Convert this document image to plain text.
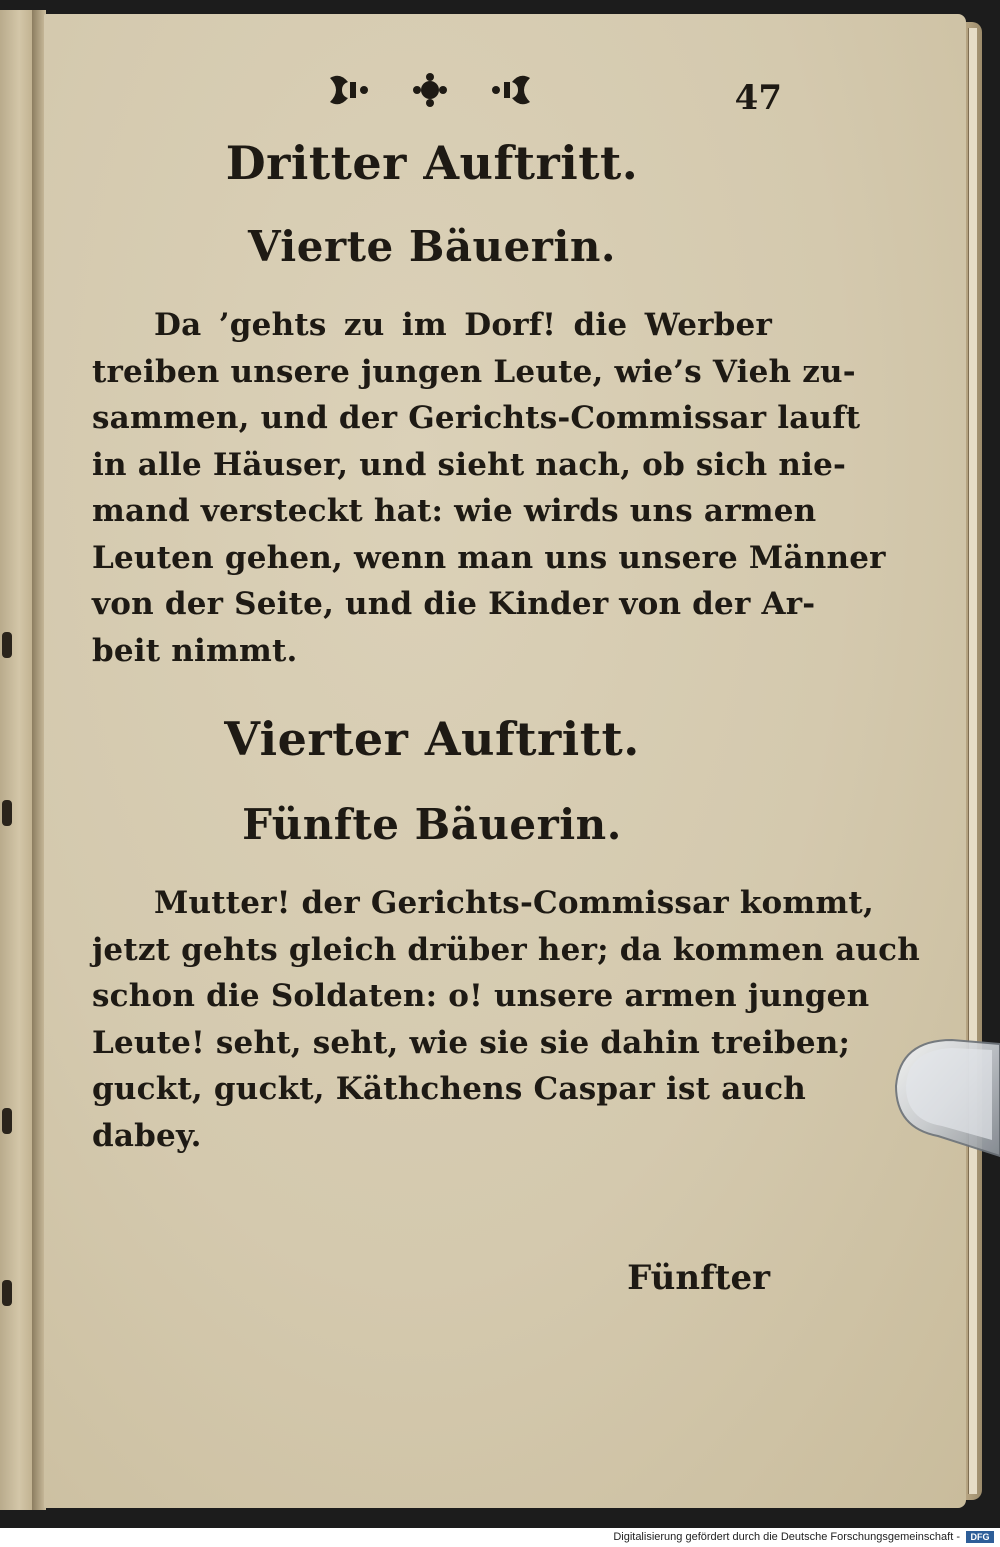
47
Dritter Auftritt.
Vierte Bäuerin.
Da ’gehts zu im Dorf! die Werber
treiben unsere jungen Leute, wie’s Vieh zu-
sammen, und der Gerichts-Commissar lauft
in alle Häuser, und sieht nach, ob sich nie-
mand versteckt hat: wie wirds uns armen
Leuten gehen, wenn man uns unsere Männer
von der Seite, und die Kinder von der Ar-
beit nimmt.
Vierter Auftritt.
Fünfte Bäuerin.
Mutter! der Gerichts-Commissar kommt,
jetzt gehts gleich drüber her; da kommen auch
schon die Soldaten: o! unsere armen jungen
Leute! seht, seht, wie sie sie dahin treiben;
guckt, guckt, Käthchens Caspar ist auch
dabey.
Fünfter
Digitalisierung gefördert durch die Deutsche Forschungsgemeinschaft -	DFG
